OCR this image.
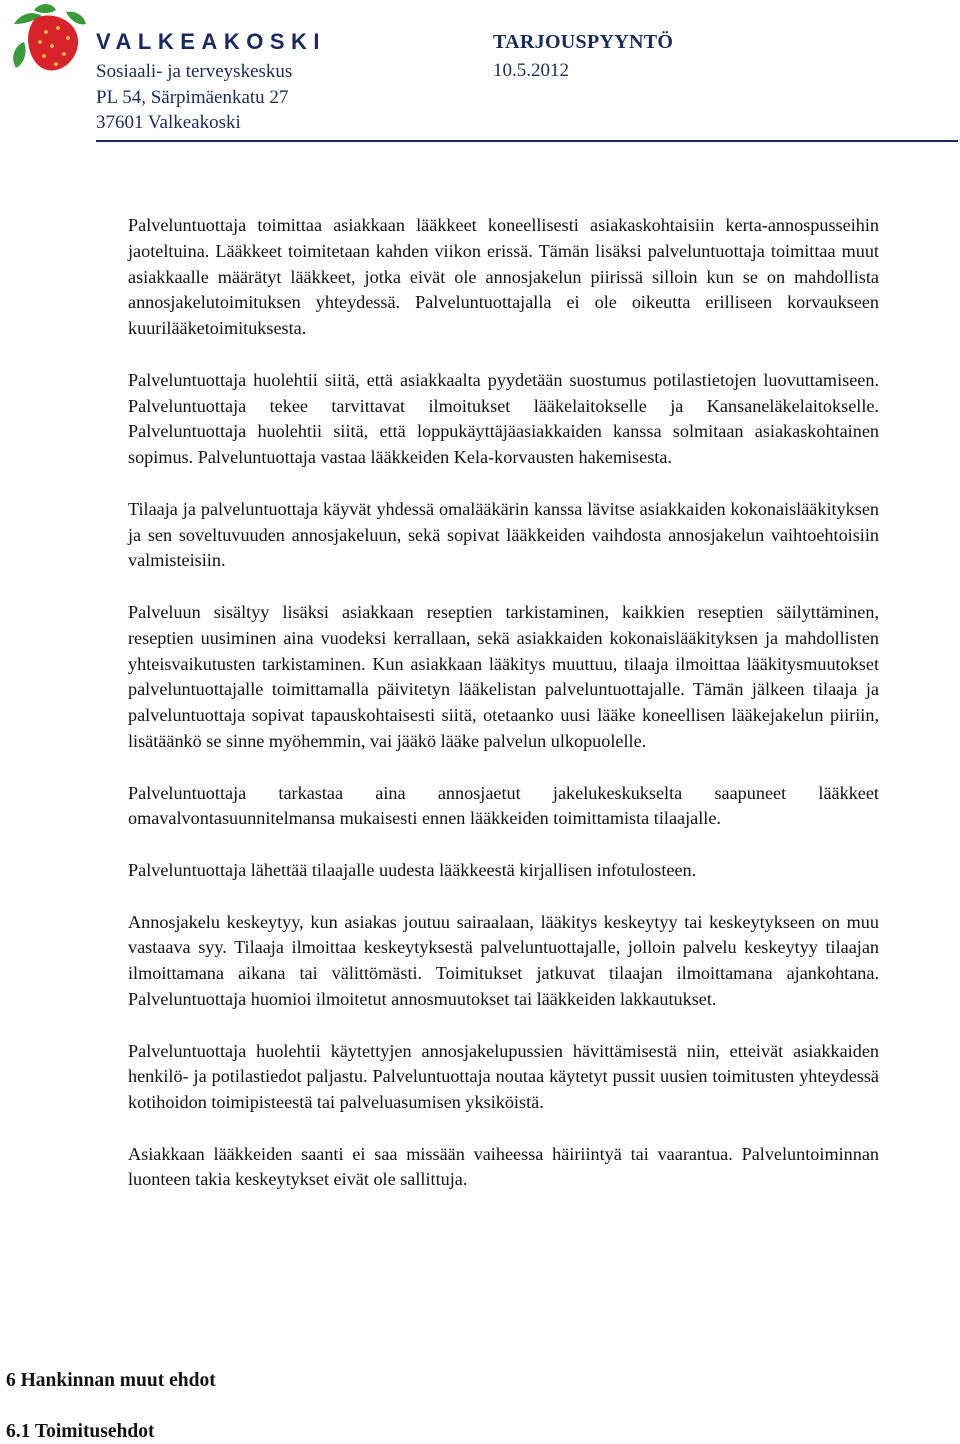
VALKEAKOSKI
Sosiaali- ja terveyskeskus
PL 54, Särpimäenkatu 27
37601 Valkeakoski
TARJOUSPYYNTÖ
10.5.2012

Palveluntuottaja toimittaa asiakkaan lääkkeet koneellisesti asiakaskohtaisiin kerta-annospusseihin jaoteltuina. Lääkkeet toimitetaan kahden viikon erissä. Tämän lisäksi palveluntuottaja toimittaa muut asiakkaalle määrätyt lääkkeet, jotka eivät ole annosjakelun piirissä silloin kun se on mahdollista annosjakelutoimituksen yhteydessä. Palveluntuottajalla ei ole oikeutta erilliseen korvaukseen kuurilääketoimituksesta.

Palveluntuottaja huolehtii siitä, että asiakkaalta pyydetään suostumus potilastietojen luovuttamiseen. Palveluntuottaja tekee tarvittavat ilmoitukset lääkelaitokselle ja Kansaneläkelaitokselle. Palveluntuottaja huolehtii siitä, että loppukäyttäjäasiakkaiden kanssa solmitaan asiakaskohtainen sopimus. Palveluntuottaja vastaa lääkkeiden Kela-korvausten hakemisesta.

Tilaaja ja palveluntuottaja käyvät yhdessä omalääkärin kanssa lävitse asiakkaiden kokonaislääkityksen ja sen soveltuvuuden annosjakeluun, sekä sopivat lääkkeiden vaihdosta annosjakelun vaihtoehtoisiin valmisteisiin.

Palveluun sisältyy lisäksi asiakkaan reseptien tarkistaminen, kaikkien reseptien säilyttäminen, reseptien uusiminen aina vuodeksi kerrallaan, sekä asiakkaiden kokonaislääkityksen ja mahdollisten yhteisvaikutusten tarkistaminen. Kun asiakkaan lääkitys muuttuu, tilaaja ilmoittaa lääkitysmuutokset palveluntuottajalle toimittamalla päivitetyn lääkelistan palveluntuottajalle. Tämän jälkeen tilaaja ja palveluntuottaja sopivat tapauskohtaisesti siitä, otetaanko uusi lääke koneellisen lääkejakelun piiriin, lisätäänkö se sinne myöhemmin, vai jääkö lääke palvelun ulkopuolelle.

Palveluntuottaja tarkastaa aina annosjaetut jakelukeskukselta saapuneet lääkkeet omavalvontasuunnitelmansa mukaisesti ennen lääkkeiden toimittamista tilaajalle.

Palveluntuottaja lähettää tilaajalle uudesta lääkkeestä kirjallisen infotulosteen.

Annosjakelu keskeytyy, kun asiakas joutuu sairaalaan, lääkitys keskeytyy tai keskeytykseen on muu vastaava syy. Tilaaja ilmoittaa keskeytyksestä palveluntuottajalle, jolloin palvelu keskeytyy tilaajan ilmoittamana aikana tai välittömästi. Toimitukset jatkuvat tilaajan ilmoittamana ajankohtana. Palveluntuottaja huomioi ilmoitetut annosmuutokset tai lääkkeiden lakkautukset.

Palveluntuottaja huolehtii käytettyjen annosjakelupussien hävittämisestä niin, etteivät asiakkaiden henkilö- ja potilastiedot paljastu. Palveluntuottaja noutaa käytetyt pussit uusien toimitusten yhteydessä kotihoidon toimipisteestä tai palveluasumisen yksiköistä.

Asiakkaan lääkkeiden saanti ei saa missään vaiheessa häiriintyä tai vaarantua. Palveluntoiminnan luonteen takia keskeytykset eivät ole sallittuja.

6 Hankinnan muut ehdot
6.1 Toimitusehdot
